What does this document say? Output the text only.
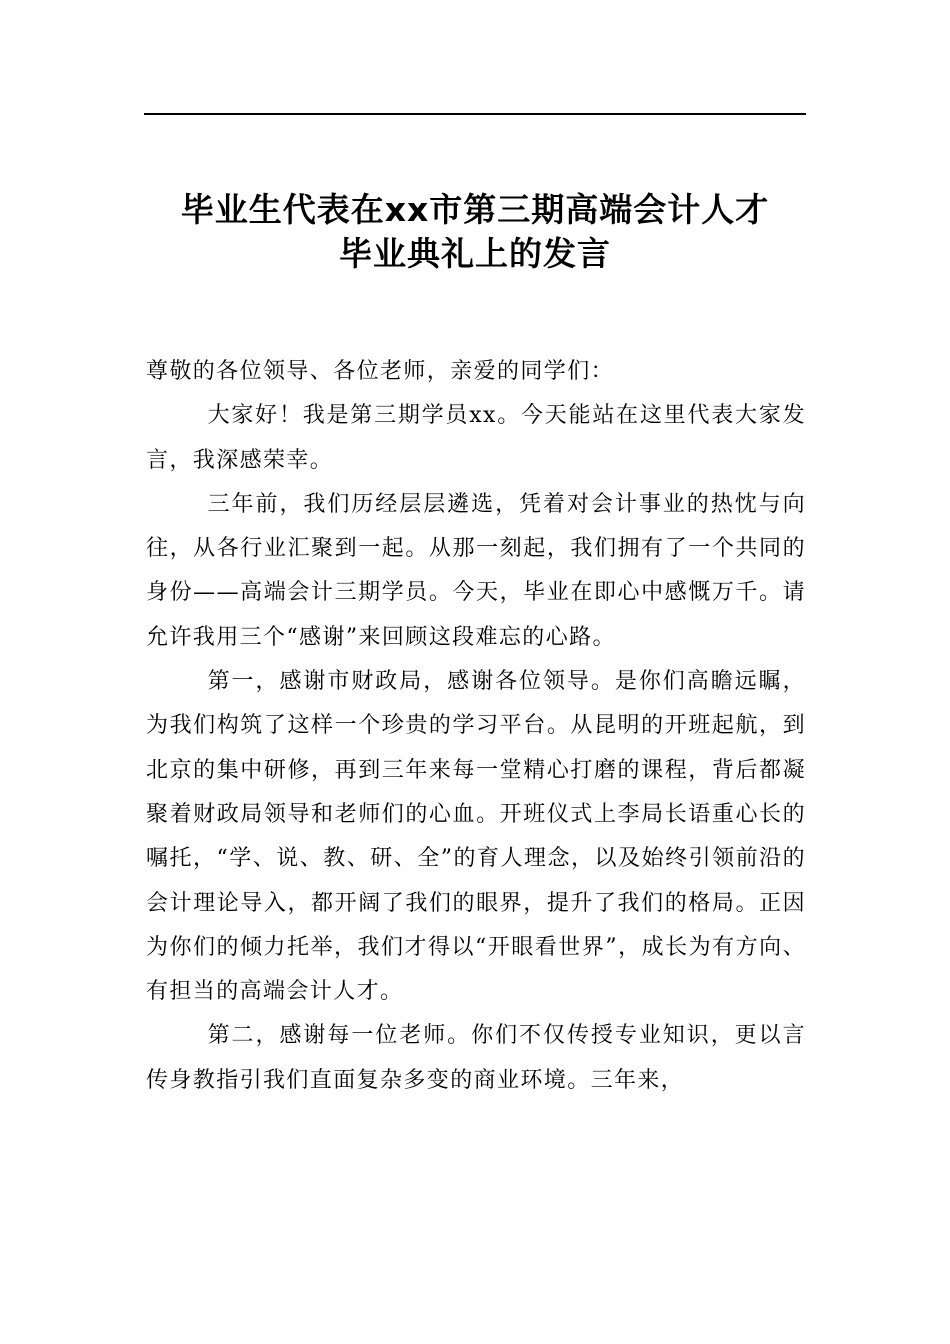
毕业生代表在xx市第三期高端会计人才
毕业典礼上的发言

尊敬的各位领导、各位老师，亲爱的同学们：

大家好！我是第三期学员xx。今天能站在这里代表大家发言，我深感荣幸。

三年前，我们历经层层遴选，凭着对会计事业的热忱与向往，从各行业汇聚到一起。从那一刻起，我们拥有了一个共同的身份——高端会计三期学员。今天，毕业在即心中感慨万千。请允许我用三个“感谢”来回顾这段难忘的心路。

第一，感谢市财政局，感谢各位领导。是你们高瞻远瞩，为我们构筑了这样一个珍贵的学习平台。从昆明的开班起航，到北京的集中研修，再到三年来每一堂精心打磨的课程，背后都凝聚着财政局领导和老师们的心血。开班仪式上李局长语重心长的嘱托，“学、说、教、研、全”的育人理念，以及始终引领前沿的会计理论导入，都开阔了我们的眼界，提升了我们的格局。正因为你们的倾力托举，我们才得以“开眼看世界”，成长为有方向、有担当的高端会计人才。

第二，感谢每一位老师。你们不仅传授专业知识，更以言传身教指引我们直面复杂多变的商业环境。三年来，
